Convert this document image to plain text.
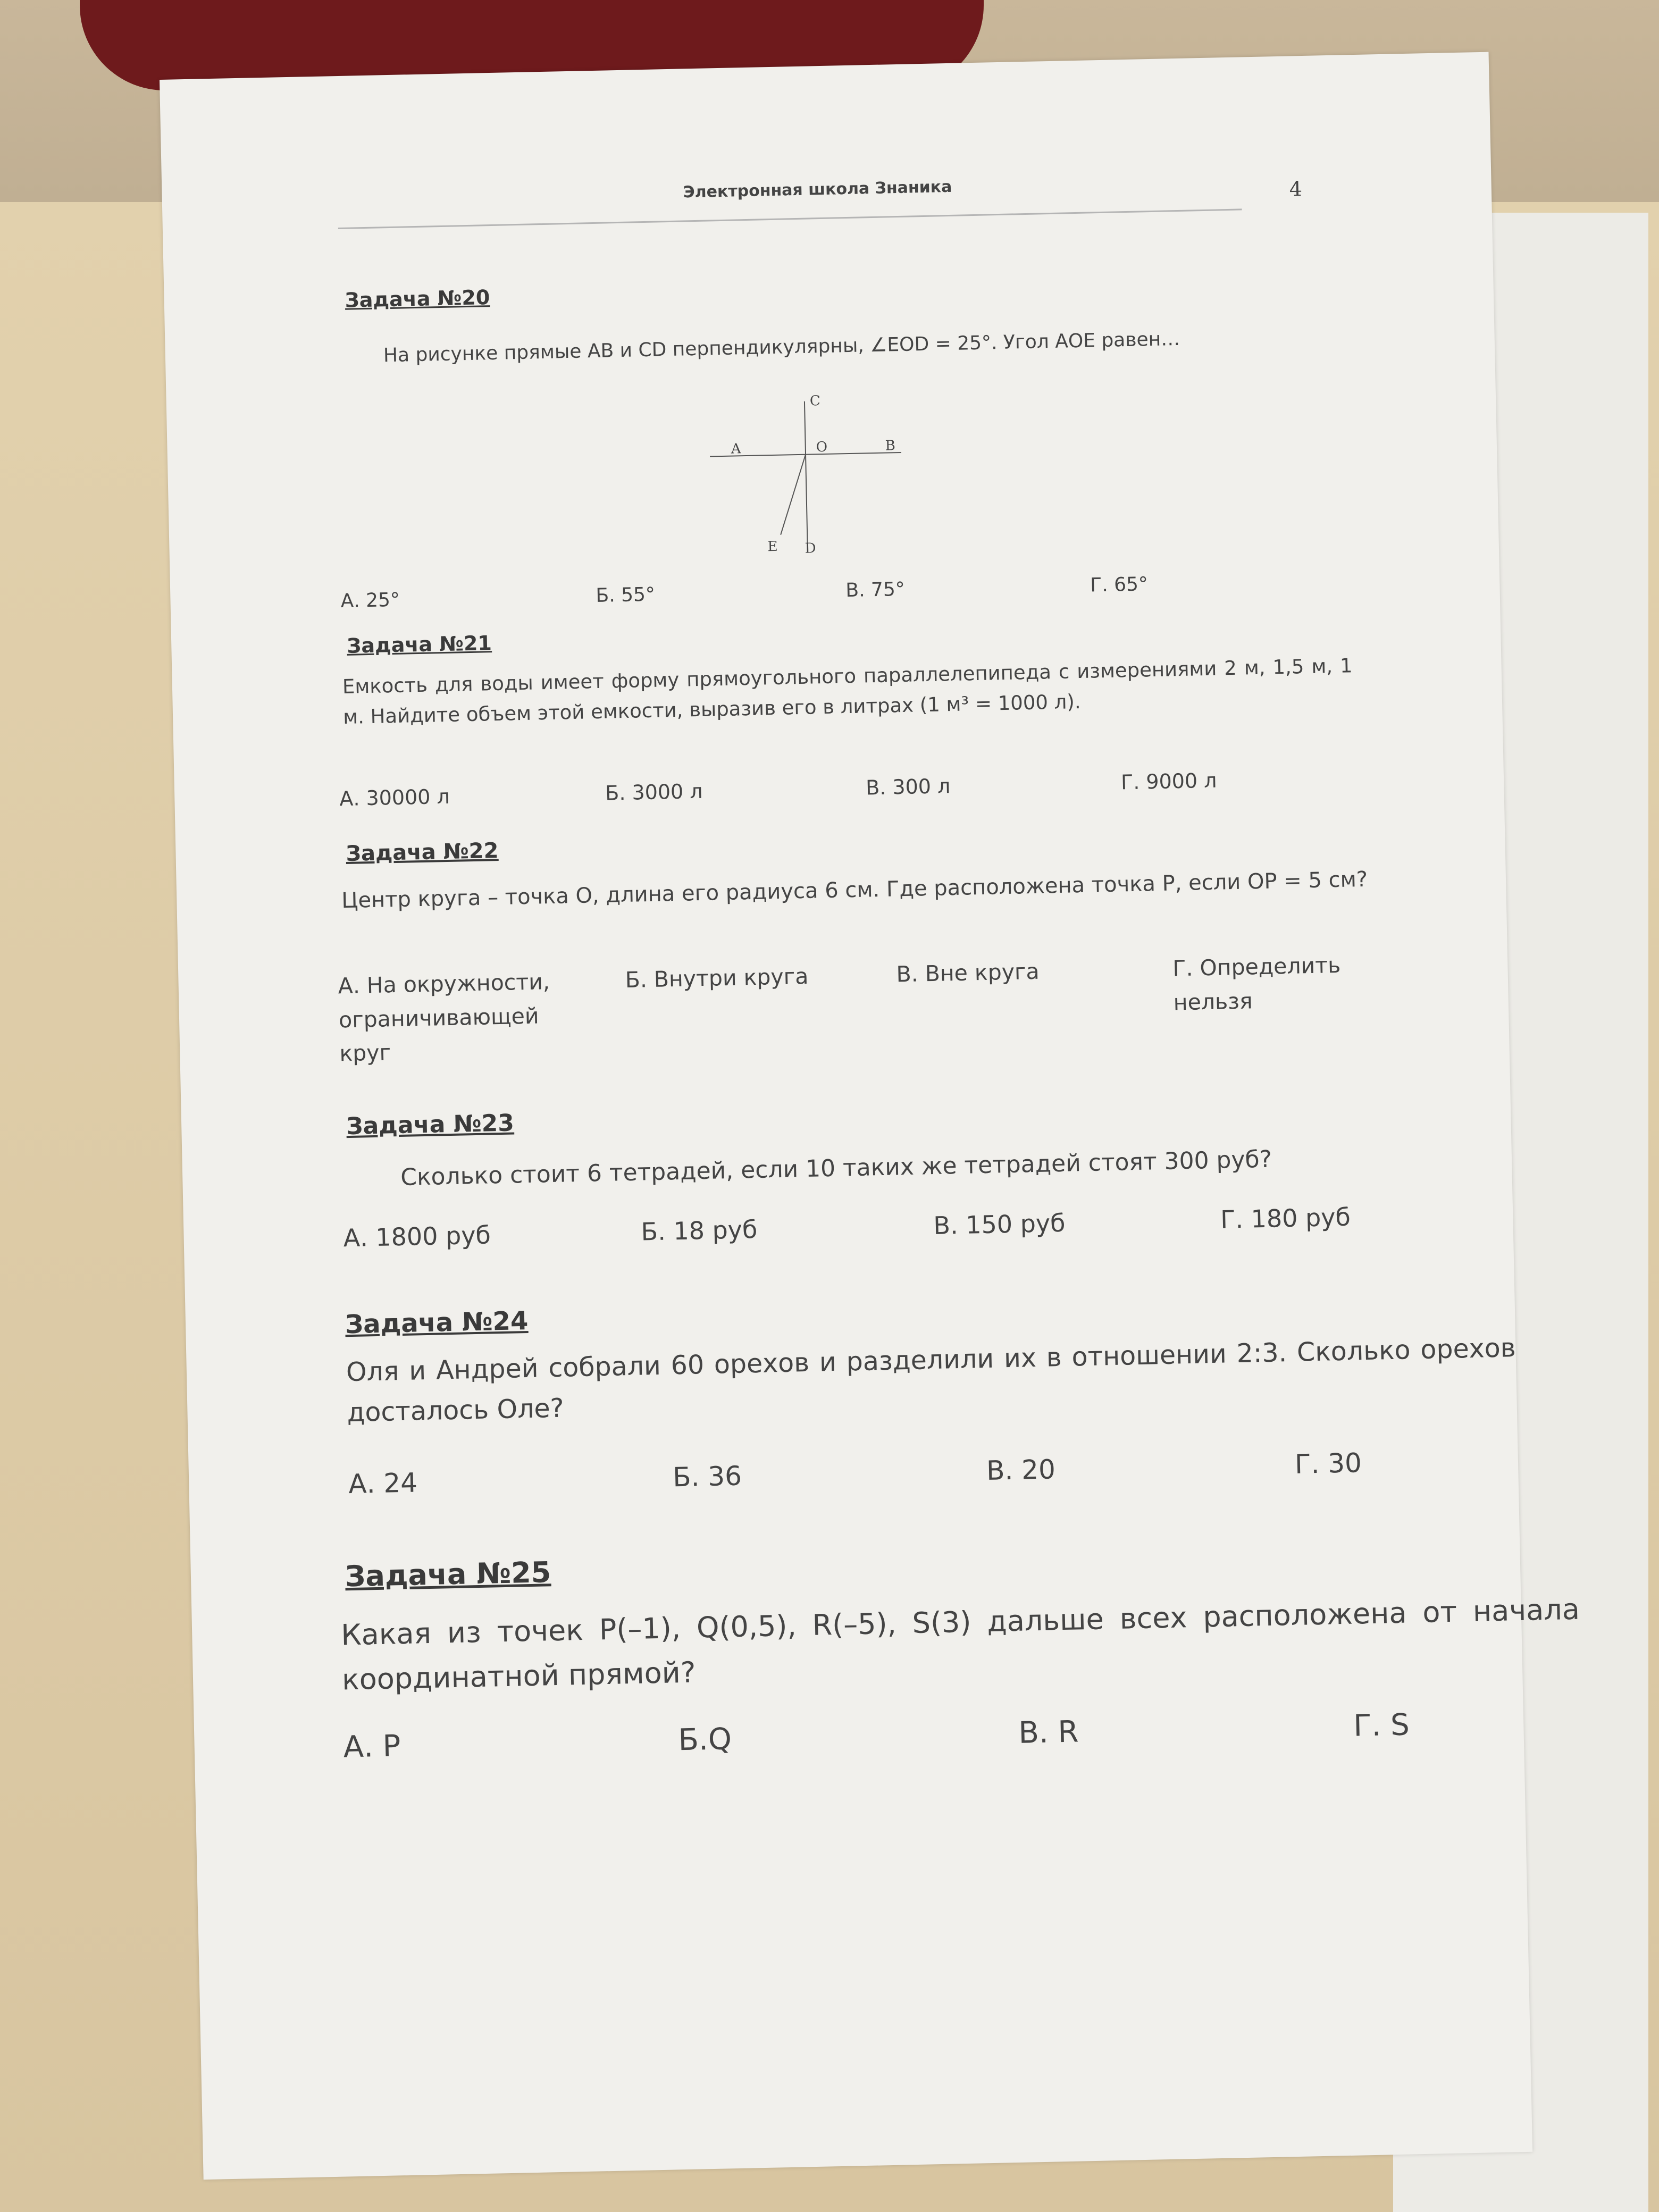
Электронная школа Знаника	4
Задача №20
На рисунке прямые АВ и CD перпендикулярны, ∠EOD = 25°. Угол АОЕ равен…
C
A	O	B
E D
А. 25°	Б. 55°	В. 75°	Г. 65°
Задача №21
Емкость для воды имеет форму прямоугольного параллелепипеда с измерениями 2 м, 1,5 м, 1 м. Найдите объем этой емкости, выразив его в литрах (1 м³ = 1000 л).
А. 30000 л	Б. 3000 л	В. 300 л	Г. 9000 л
Задача №22
Центр круга – точка О, длина его радиуса 6 см. Где расположена точка Р, если ОР = 5 см?
А. На окружности, ограничивающей круг
Б. Внутри круга	В. Вне круга	Г. Определить нельзя
Задача №23
Сколько стоит 6 тетрадей, если 10 таких же тетрадей стоят 300 руб?
А. 1800 руб	Б. 18 руб	В. 150 руб	Г. 180 руб
Задача №24
Оля и Андрей собрали 60 орехов и разделили их в отношении 2:3. Сколько орехов досталось Оле?
А. 24	Б. 36	В. 20	Г. 30
Задача №25
Какая из точек P(–1), Q(0,5), R(–5), S(3) дальше всех расположена от начала координатной прямой?
А. P	Б.Q	В. R	Г. S
